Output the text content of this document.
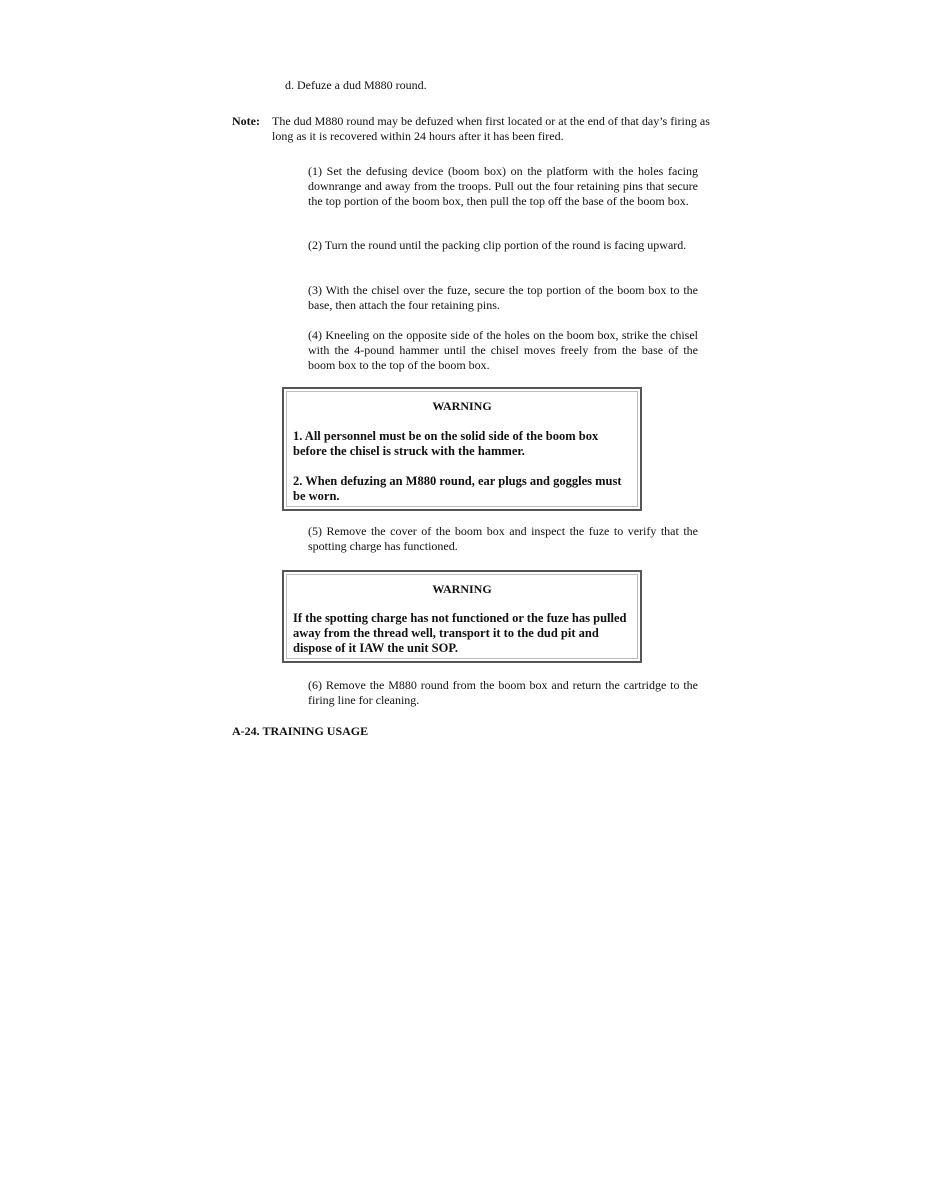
d. Defuze a dud M880 round.
Note: The dud M880 round may be defuzed when first located or at the end of that day’s firing as long as it is recovered within 24 hours after it has been fired.
(1) Set the defusing device (boom box) on the platform with the holes facing downrange and away from the troops. Pull out the four retaining pins that secure the top portion of the boom box, then pull the top off the base of the boom box.
(2) Turn the round until the packing clip portion of the round is facing upward.
(3) With the chisel over the fuze, secure the top portion of the boom box to the base, then attach the four retaining pins.
(4) Kneeling on the opposite side of the holes on the boom box, strike the chisel with the 4-pound hammer until the chisel moves freely from the base of the boom box to the top of the boom box.
WARNING
1. All personnel must be on the solid side of the boom box before the chisel is struck with the hammer.
2. When defuzing an M880 round, ear plugs and goggles must be worn.
(5) Remove the cover of the boom box and inspect the fuze to verify that the spotting charge has functioned.
WARNING
If the spotting charge has not functioned or the fuze has pulled away from the thread well, transport it to the dud pit and dispose of it IAW the unit SOP.
(6) Remove the M880 round from the boom box and return the cartridge to the firing line for cleaning.
A-24. TRAINING USAGE
